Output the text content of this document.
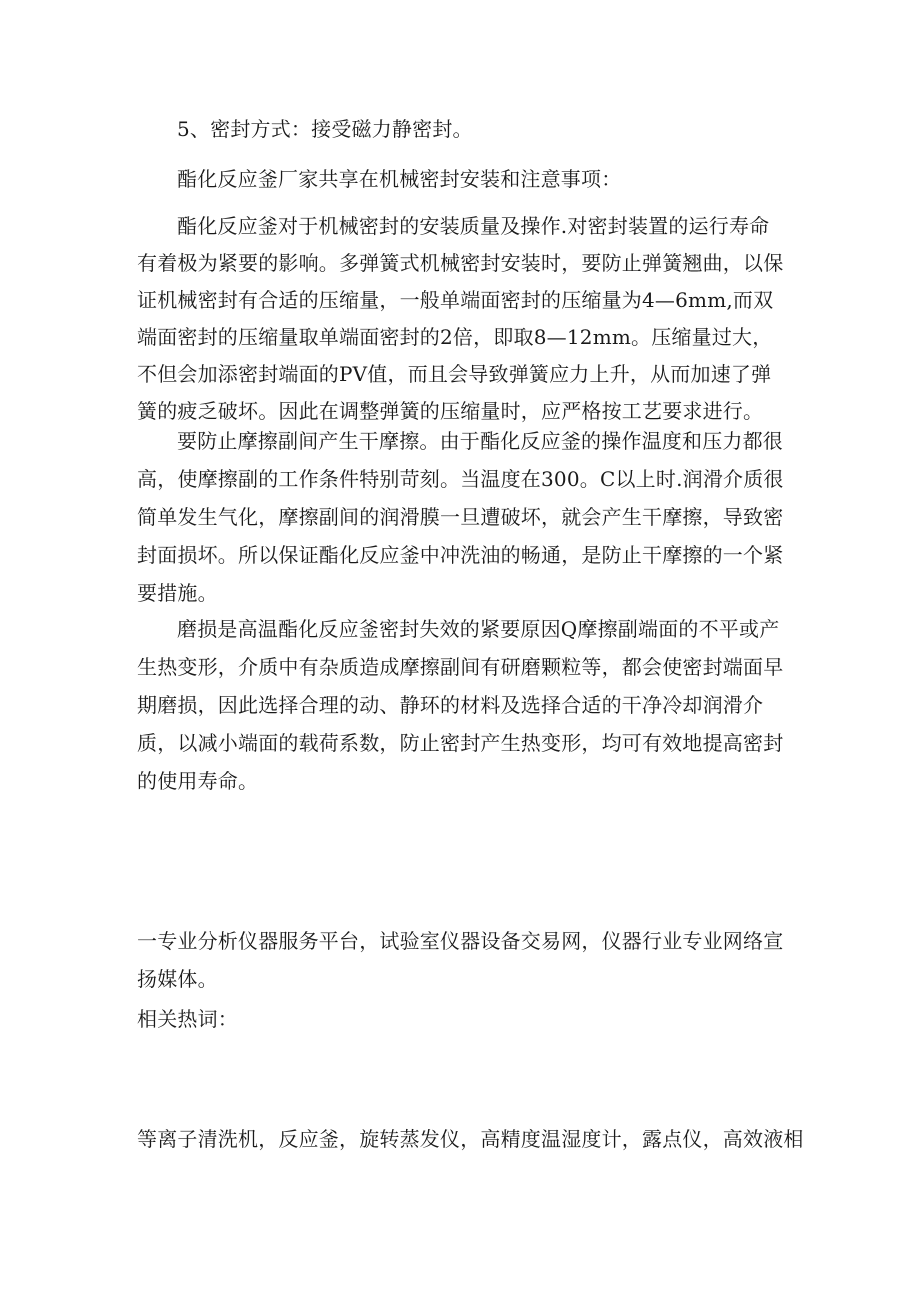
5、密封方式：接受磁力静密封。

酯化反应釜厂家共享在机械密封安装和注意事项：

酯化反应釜对于机械密封的安装质量及操作.对密封装置的运行寿命有着极为紧要的影响。多弹簧式机械密封安装时，要防止弹簧翘曲，以保证机械密封有合适的压缩量，一般单端面密封的压缩量为4—6mm,而双端面密封的压缩量取单端面密封的2倍，即取8—12mm。压缩量过大，不但会加添密封端面的PV值，而且会导致弹簧应力上升，从而加速了弹簧的疲乏破坏。因此在调整弹簧的压缩量时，应严格按工艺要求进行。

要防止摩擦副间产生干摩擦。由于酯化反应釜的操作温度和压力都很高，使摩擦副的工作条件特别苛刻。当温度在300。C以上时.润滑介质很简单发生气化，摩擦副间的润滑膜一旦遭破坏，就会产生干摩擦，导致密封面损坏。所以保证酯化反应釜中冲洗油的畅通，是防止干摩擦的一个紧要措施。

磨损是高温酯化反应釜密封失效的紧要原因Q摩擦副端面的不平或产生热变形，介质中有杂质造成摩擦副间有研磨颗粒等，都会使密封端面早期磨损，因此选择合理的动、静环的材料及选择合适的干净冷却润滑介质，以减小端面的载荷系数，防止密封产生热变形，均可有效地提高密封的使用寿命。

一专业分析仪器服务平台，试验室仪器设备交易网，仪器行业专业网络宣扬媒体。

相关热词：

等离子清洗机，反应釜，旋转蒸发仪，高精度温湿度计，露点仪，高效液相
